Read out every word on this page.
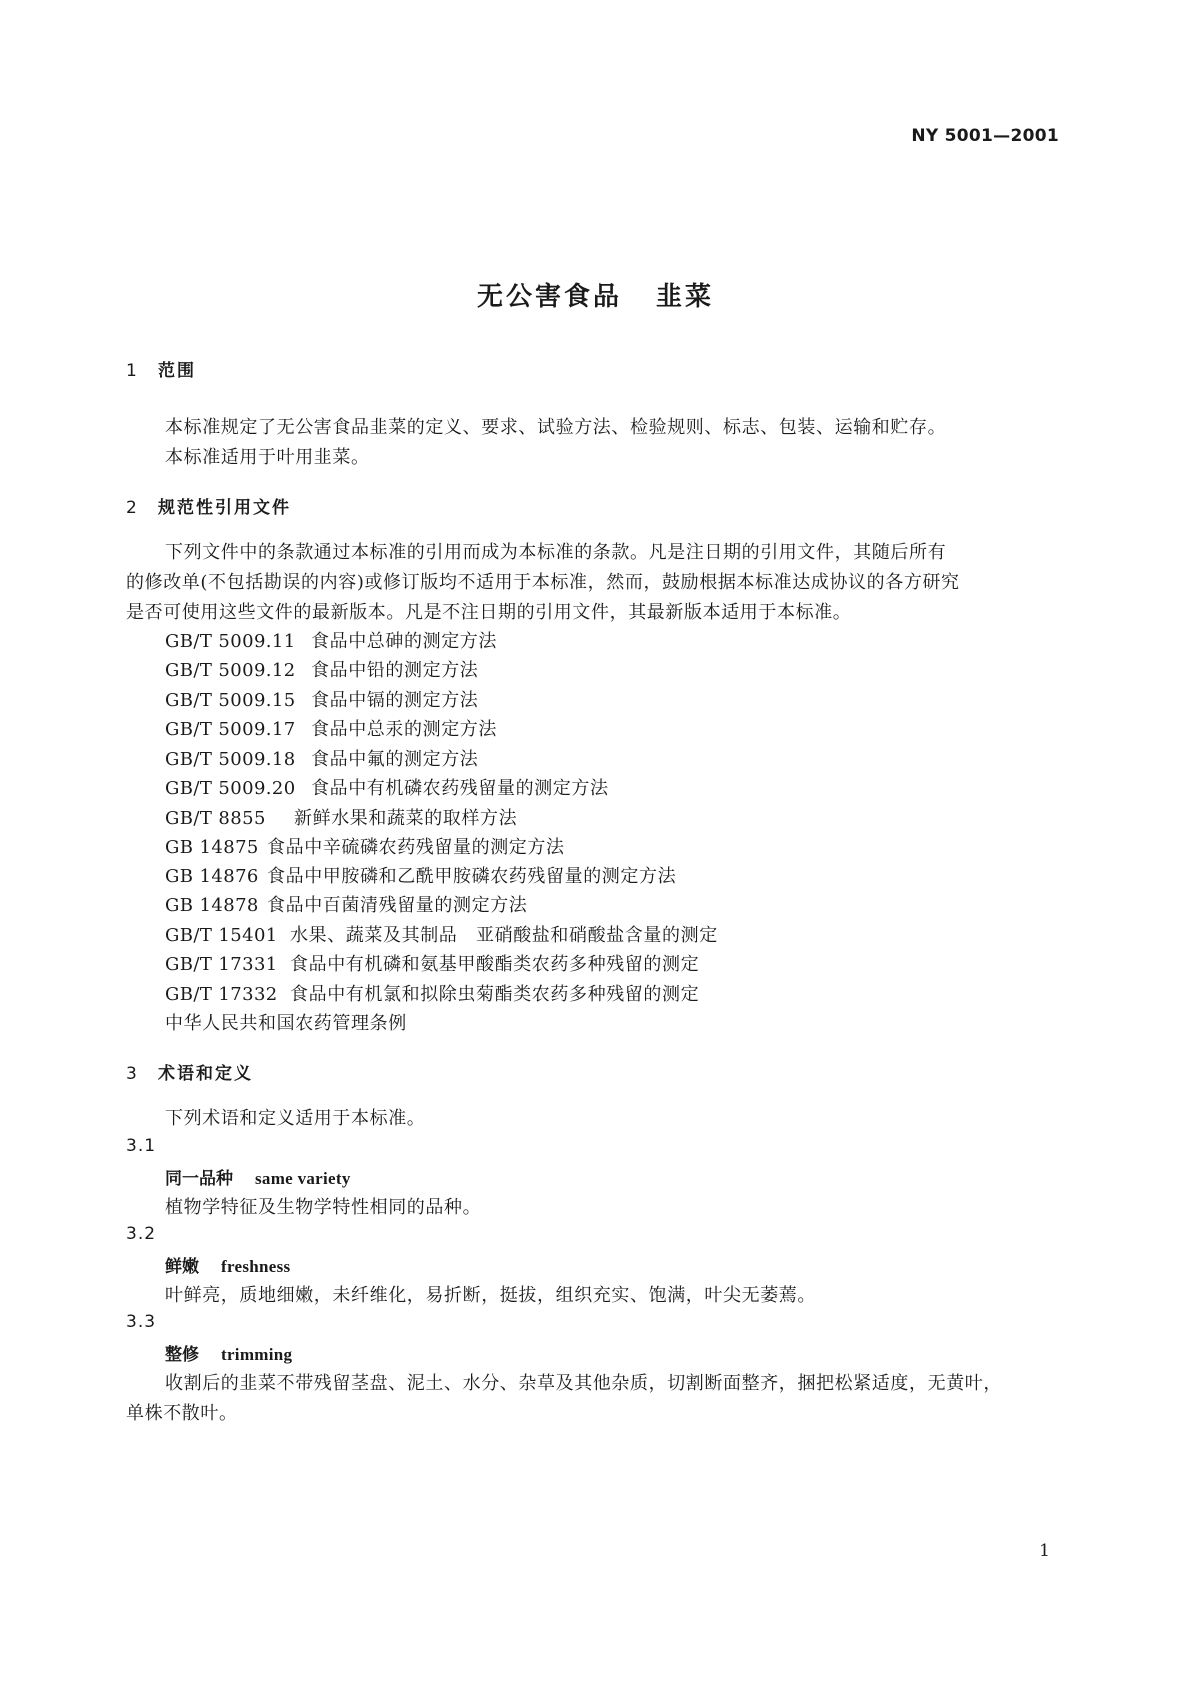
NY 5001—2001
无公害食品 韭菜
1 范围
本标准规定了无公害食品韭菜的定义、要求、试验方法、检验规则、标志、包装、运输和贮存。
本标准适用于叶用韭菜。
2 规范性引用文件
下列文件中的条款通过本标准的引用而成为本标准的条款。凡是注日期的引用文件，其随后所有
的修改单(不包括勘误的内容)或修订版均不适用于本标准，然而，鼓励根据本标准达成协议的各方研究
是否可使用这些文件的最新版本。凡是不注日期的引用文件，其最新版本适用于本标准。
GB/T 5009.11 食品中总砷的测定方法
GB/T 5009.12 食品中铅的测定方法
GB/T 5009.15 食品中镉的测定方法
GB/T 5009.17 食品中总汞的测定方法
GB/T 5009.18 食品中氟的测定方法
GB/T 5009.20 食品中有机磷农药残留量的测定方法
GB/T 8855 新鲜水果和蔬菜的取样方法
GB 14875 食品中辛硫磷农药残留量的测定方法
GB 14876 食品中甲胺磷和乙酰甲胺磷农药残留量的测定方法
GB 14878 食品中百菌清残留量的测定方法
GB/T 15401 水果、蔬菜及其制品　亚硝酸盐和硝酸盐含量的测定
GB/T 17331 食品中有机磷和氨基甲酸酯类农药多种残留的测定
GB/T 17332 食品中有机氯和拟除虫菊酯类农药多种残留的测定
中华人民共和国农药管理条例
3 术语和定义
下列术语和定义适用于本标准。
3.1
同一品种 same variety
植物学特征及生物学特性相同的品种。
3.2
鲜嫩 freshness
叶鲜亮，质地细嫩，未纤维化，易折断，挺拔，组织充实、饱满，叶尖无萎蔫。
3.3
整修 trimming
收割后的韭菜不带残留茎盘、泥土、水分、杂草及其他杂质，切割断面整齐，捆把松紧适度，无黄叶，
单株不散叶。
1
